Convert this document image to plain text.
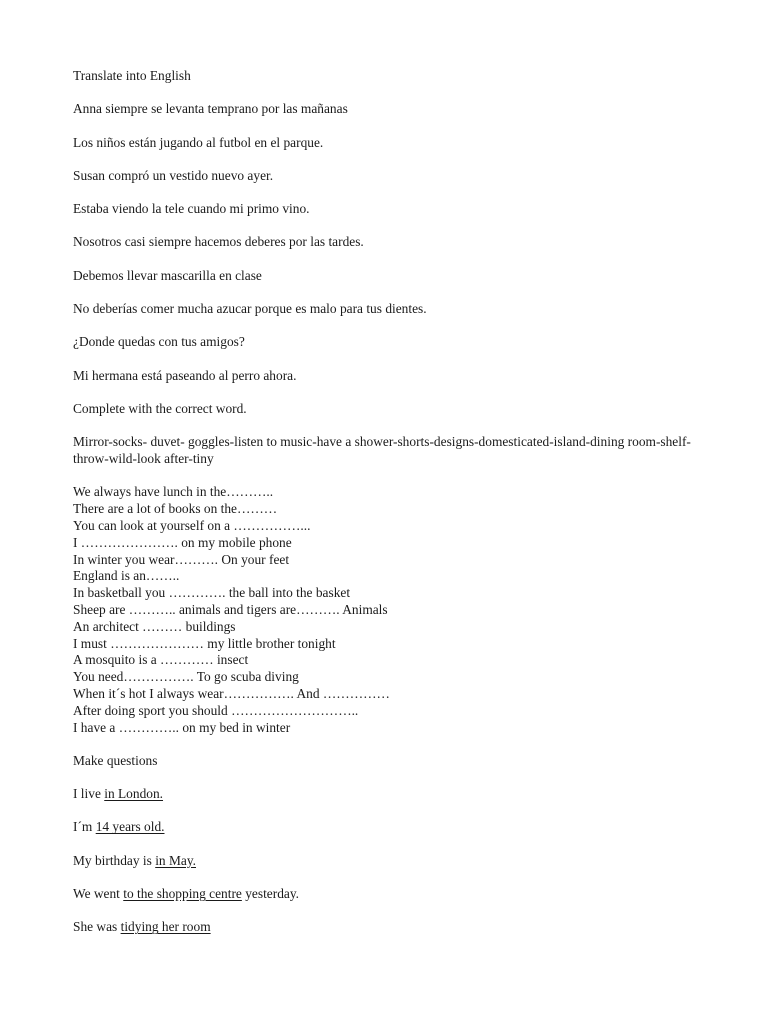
Translate into English

Anna siempre se levanta temprano por las mañanas

Los niños están jugando al futbol en el parque.

Susan compró un vestido nuevo ayer.

Estaba viendo la tele cuando mi primo vino.

Nosotros casi siempre hacemos deberes por las tardes.

Debemos llevar mascarilla en clase

No deberías comer mucha azucar porque es malo para tus dientes.

¿Donde quedas con tus amigos?

Mi hermana está paseando al perro ahora.

Complete with the correct word.

Mirror-socks- duvet- goggles-listen to music-have a shower-shorts-designs-domesticated-island-dining room-shelf-throw-wild-look after-tiny

We always have lunch in the………..
There are a lot of books on the………
You can look at yourself on a ……………...
I …………………. on my mobile phone
In winter you wear………. On your feet
England is an……..
In basketball you …………. the ball into the basket
Sheep are ……….. animals and tigers are………. Animals
An architect ……… buildings
I must ………………… my little brother tonight
A mosquito is a ………… insect
You need……………. To go scuba diving
When it´s hot I always wear……………. And ……………
After doing sport you should ………………………..
I have a ………….. on my bed in winter

Make questions

I live in London.

I´m 14 years old.

My birthday is in May.

We went to the shopping centre yesterday.

She was tidying her room
